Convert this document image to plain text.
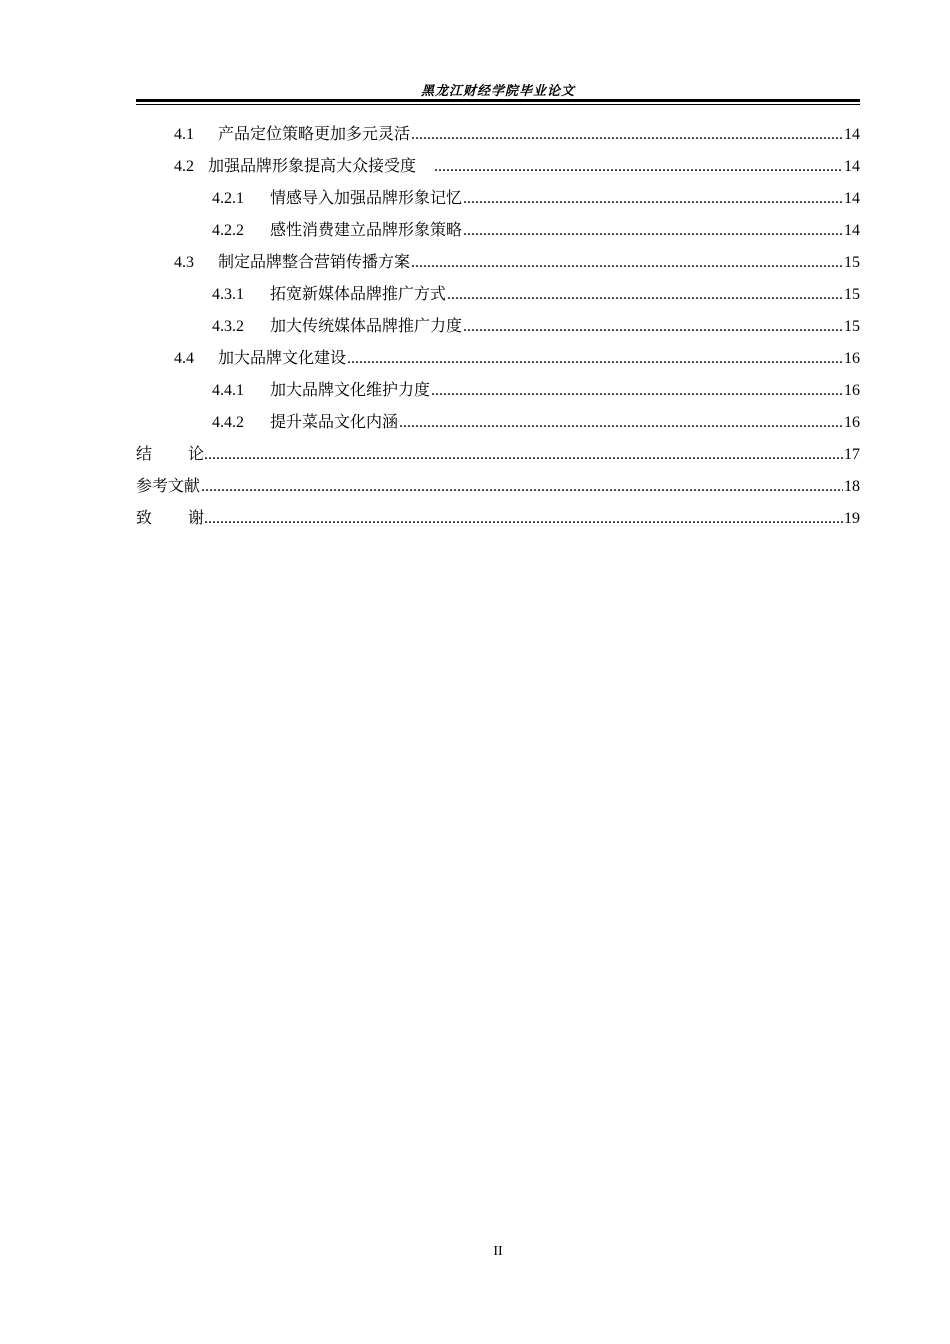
黑龙江财经学院毕业论文
4.1	产品定位策略更加多元灵活 .....	14
4.2 加强品牌形象提高大众接受度 .....	14
4.2.1	情感导入加强品牌形象记忆 .....	14
4.2.2	感性消费建立品牌形象策略 .....	14
4.3	制定品牌整合营销传播方案 .....	15
4.3.1	拓宽新媒体品牌推广方式 .....	15
4.3.2	加大传统媒体品牌推广力度 .....	15
4.4	加大品牌文化建设 .....	16
4.4.1	加大品牌文化维护力度 .....	16
4.4.2	提升菜品文化内涵 .....	16
结论 .....	17
参考文献 .....	18
致谢 .....	19
II
